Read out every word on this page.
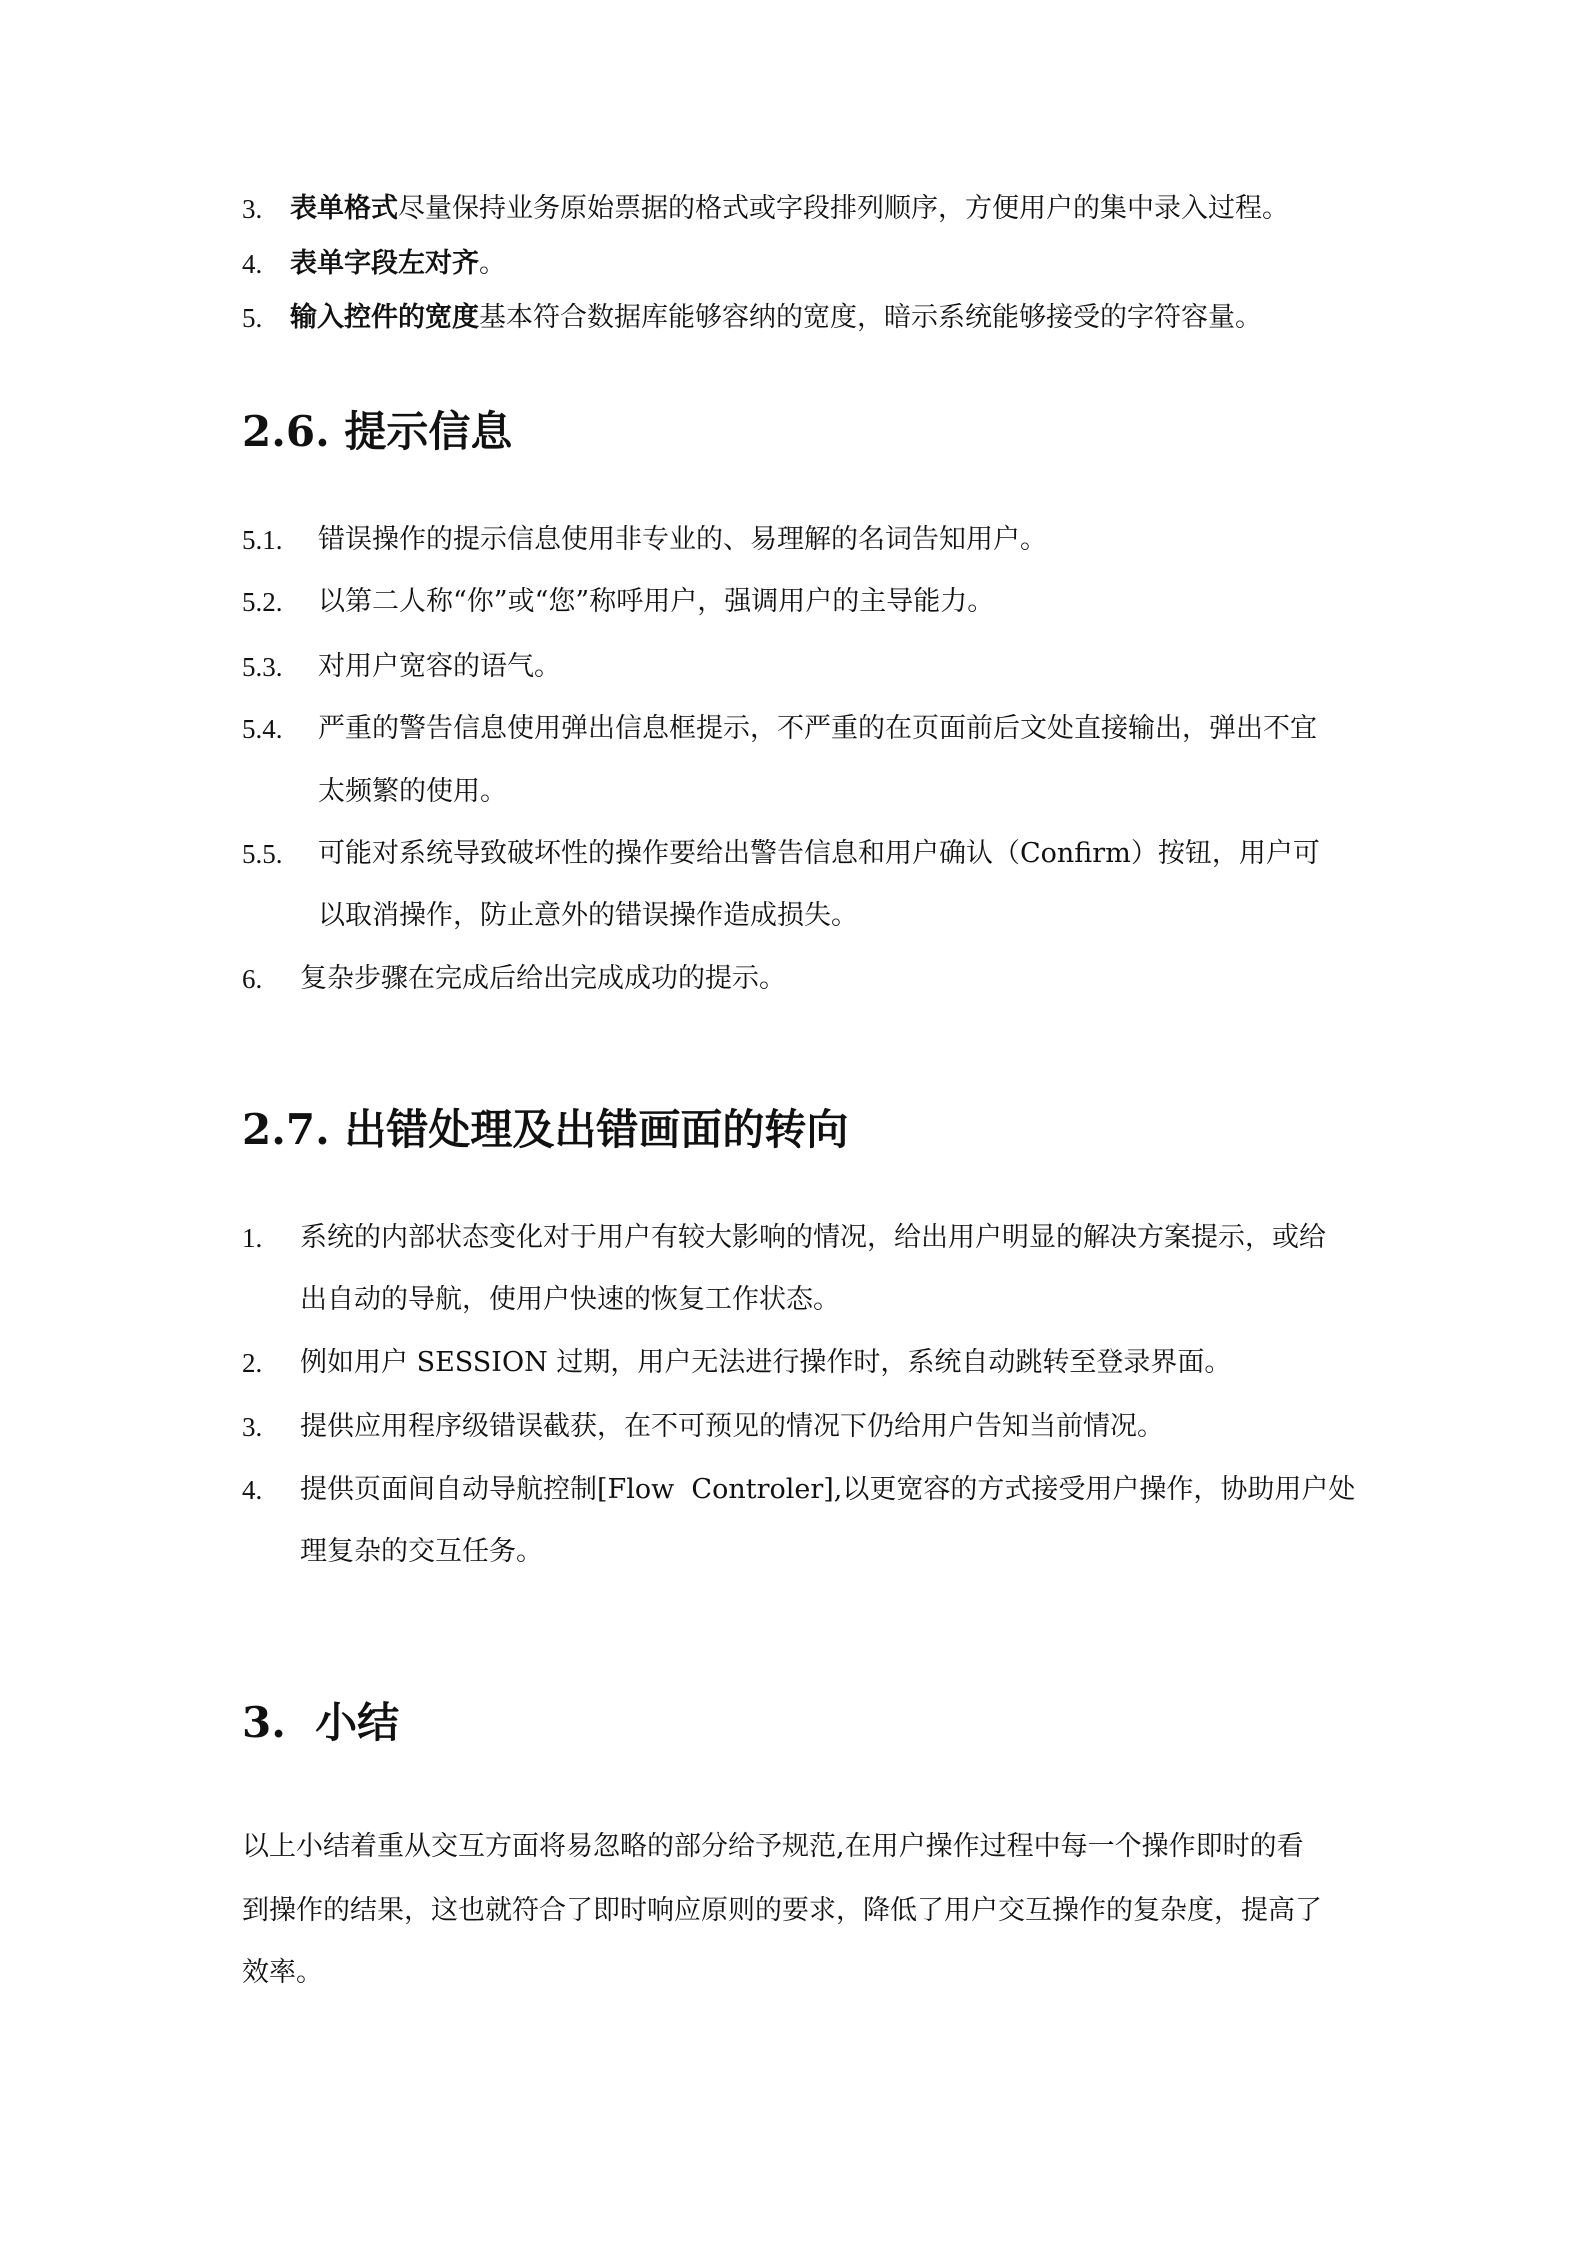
3. 表单格式尽量保持业务原始票据的格式或字段排列顺序，方便用户的集中录入过程。
4. 表单字段左对齐。
5. 输入控件的宽度基本符合数据库能够容纳的宽度，暗示系统能够接受的字符容量。
2.6. 提示信息
5.1. 错误操作的提示信息使用非专业的、易理解的名词告知用户。
5.2. 以第二人称“你”或“您”称呼用户，强调用户的主导能力。
5.3. 对用户宽容的语气。
5.4. 严重的警告信息使用弹出信息框提示，不严重的在页面前后文处直接输出，弹出不宜
太频繁的使用。
5.5. 可能对系统导致破坏性的操作要给出警告信息和用户确认（Confirm）按钮，用户可
以取消操作，防止意外的错误操作造成损失。
6. 复杂步骤在完成后给出完成成功的提示。
2.7. 出错处理及出错画面的转向
1. 系统的内部状态变化对于用户有较大影响的情况，给出用户明显的解决方案提示，或给
出自动的导航，使用户快速的恢复工作状态。
2. 例如用户 SESSION 过期，用户无法进行操作时，系统自动跳转至登录界面。
3. 提供应用程序级错误截获，在不可预见的情况下仍给用户告知当前情况。
4. 提供页面间自动导航控制[Flow  Controler],以更宽容的方式接受用户操作，协助用户处
理复杂的交互任务。
3.  小结
以上小结着重从交互方面将易忽略的部分给予规范,在用户操作过程中每一个操作即时的看
到操作的结果，这也就符合了即时响应原则的要求，降低了用户交互操作的复杂度，提高了
效率。
